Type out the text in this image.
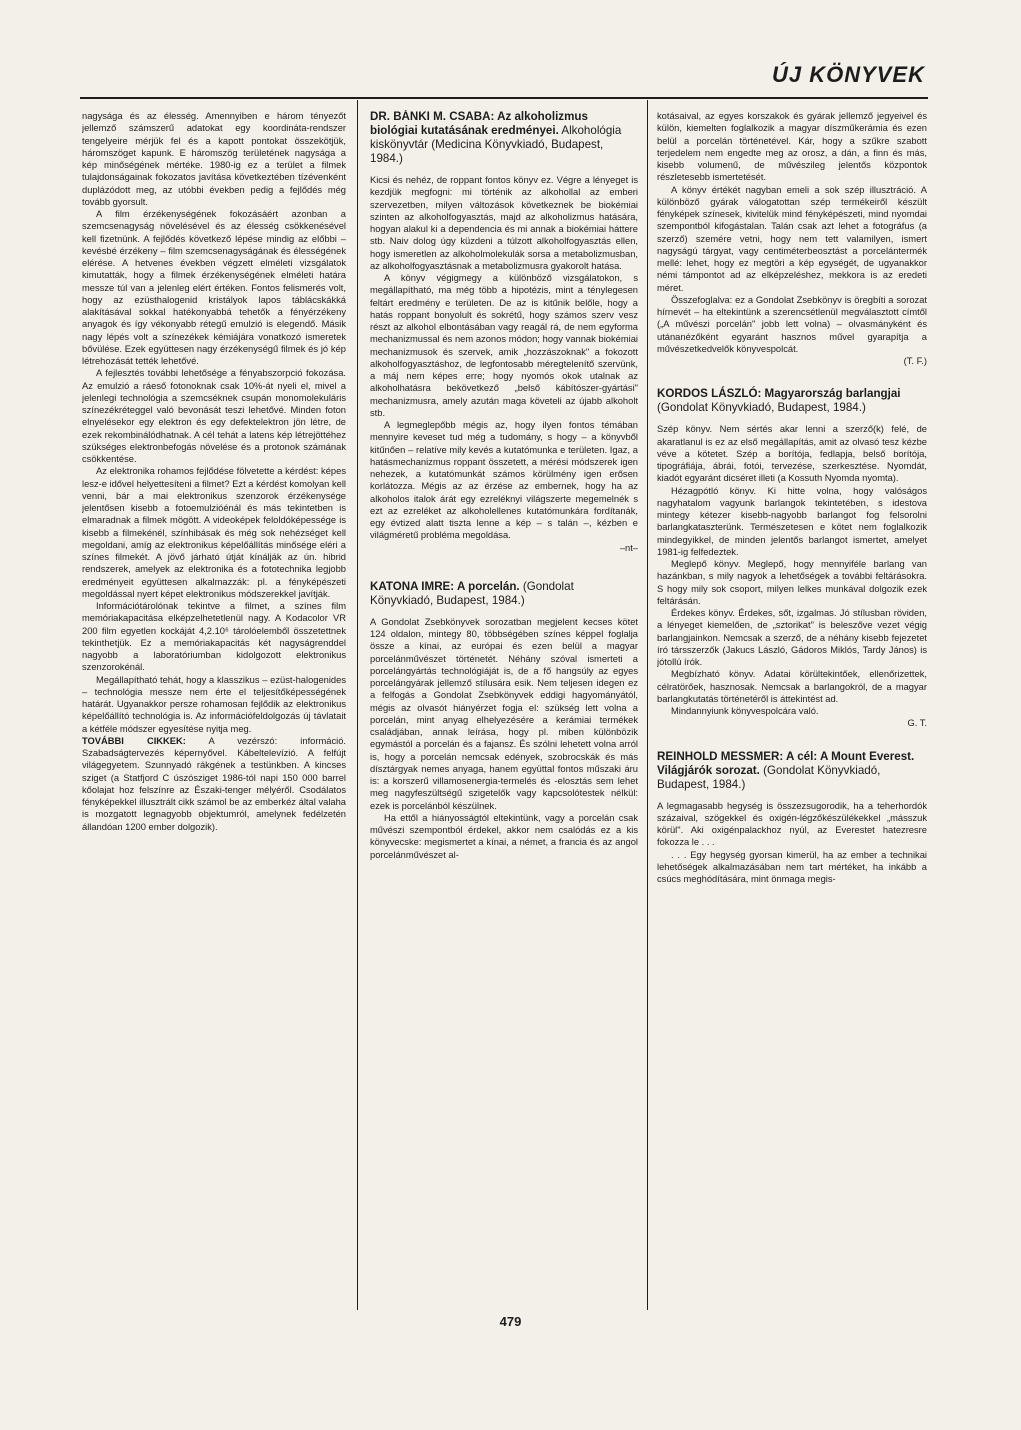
ÚJ KÖNYVEK

nagysága és az élesség. Amennyiben e három tényezőt jellemző számszerű adatokat egy koordináta-rendszer tengelyeire mérjük fel és a kapott pontokat összekötjük, háromszöget kapunk. E háromszög területének nagysága a kép minőségének mértéke. 1980-ig ez a terület a filmek tulajdonságainak fokozatos javítása következtében tízévenként duplázódott meg, az utóbbi években pedig a fejlődés még tovább gyorsult.

A film érzékenységének fokozásáért azonban a szemcsenagyság növelésével és az élesség csökkenésével kell fizetnünk. A fejlődés következő lépése mindig az előbbi – kevésbé érzékeny – film szemcsenagyságának és élességének elérése. A hetvenes években végzett elméleti vizsgálatok kimutatták, hogy a filmek érzékenységének elméleti határa messze túl van a jelenleg elért értéken. Fontos felismerés volt, hogy az ezüsthalogenid kristályok lapos táblácskákká alakításával sokkal hatékonyabbá tehetők a fényérzékeny anyagok és így vékonyabb rétegű emulzió is elegendő. Másik nagy lépés volt a színezékek kémiájára vonatkozó ismeretek bővülése. Ezek együttesen nagy érzékenységű filmek és jó kép létrehozását tették lehetővé.

A fejlesztés további lehetősége a fényabszorpció fokozása. Az emulzió a ráeső fotonoknak csak 10%-át nyeli el, mivel a jelenlegi technológia a szemcséknek csupán monomolekuláris színezékréteggel való bevonását teszi lehetővé. Minden foton elnyelésekor egy elektron és egy defektelektron jön létre, de ezek rekombinálódhatnak. A cél tehát a latens kép létrejöttéhez szükséges elektronbefogás növelése és a protonok számának csökkentése.

Az elektronika rohamos fejlődése fölvetette a kérdést: képes lesz-e idővel helyettesíteni a filmet? Ezt a kérdést komolyan kell venni, bár a mai elektronikus szenzorok érzékenysége jelentősen kisebb a fotoemulzióénál és más tekintetben is elmaradnak a filmek mögött. A videoképek feloldóképessége is kisebb a filmekénél, színhibásak és még sok nehézséget kell megoldani, amíg az elektronikus képelőállítás minősége eléri a színes filmekét. A jövő járható útját kínálják az ún. hibrid rendszerek, amelyek az elektronika és a fototechnika legjobb eredményeit együttesen alkalmazzák: pl. a fényképészeti megoldással nyert képet elektronikus módszerekkel javítják.

Információtárolónak tekintve a filmet, a színes film memóriakapacitása elképzelhetetlenül nagy. A Kodacolor VR 200 film egyetlen kockáját 4,2.10⁶ tárolóelemből összetettnek tekinthetjük. Ez a memóriakapacitás két nagyságrenddel nagyobb a laboratóriumban kidolgozott elektronikus szenzorokénál.

Megállapítható tehát, hogy a klasszikus – ezüst-halogenides – technológia messze nem érte el teljesítőképességének határát. Ugyanakkor persze rohamosan fejlődik az elektronikus képelőállító technológia is. Az információfeldolgozás új távlatait a kétféle módszer egyesítése nyitja meg.

TOVÁBBI CIKKEK: A vezérszó: információ. Szabadságtervezés képernyővel. Kábeltelevízió. A felfújt világegyetem. Szunnyadó rákgének a testünkben. A kincses sziget (a Statfjord C úszósziget 1986-tól napi 150 000 barrel kőolajat hoz felszínre az Északi-tenger mélyéről. Csodálatos fényképekkel illusztrált cikk számol be az emberkéz által valaha is mozgatott legnagyobb objektumról, amelynek fedélzetén állandóan 1200 ember dolgozik).

DR. BÁNKI M. CSABA: Az alkoholizmus biológiai kutatásának eredményei. Alkohológia kiskönyvtár (Medicina Könyvkiadó, Budapest, 1984.)

Kicsi és nehéz, de roppant fontos könyv ez. Végre a lényeget is kezdjük megfogni: mi történik az alkohollal az emberi szervezetben, milyen változások következnek be biokémiai szinten az alkoholfogyasztás, majd az alkoholizmus hatására, hogyan alakul ki a dependencia és mi annak a biokémiai háttere stb. Naiv dolog úgy küzdeni a túlzott alkoholfogyasztás ellen, hogy ismeretlen az alkoholmolekulák sorsa a metabolizmusban, az alkoholfogyasztásnak a metabolizmusra gyakorolt hatása.

A könyv végigmegy a különböző vizsgálatokon, s megállapítható, ma még több a hipotézis, mint a ténylegesen feltárt eredmény e területen. De az is kitűnik belőle, hogy a hatás roppant bonyolult és sokrétű, hogy számos szerv vesz részt az alkohol elbontásában vagy reagál rá, de nem egyforma mechanizmussal és nem azonos módon; hogy vannak biokémiai mechanizmusok és szervek, amik „hozzászoknak" a fokozott alkoholfogyasztáshoz, de legfontosabb méregtelenítő szervünk, a máj nem képes erre; hogy nyomós okok utalnak az alkoholhatásra bekövetkező „belső kábítószer-gyártási" mechanizmusra, amely azután maga követeli az újabb alkoholt stb.

A legmeglepőbb mégis az, hogy ilyen fontos témában mennyire keveset tud még a tudomány, s hogy – a könyvből kitűnően – relatíve mily kevés a kutatómunka e területen. Igaz, a hatásmechanizmus roppant összetett, a mérési módszerek igen nehezek, a kutatómunkát számos körülmény igen erősen korlátozza. Mégis az az érzése az embernek, hogy ha az alkoholos italok árát egy ezreléknyi világszerte megemelnék s ezt az ezreléket az alkoholellenes kutatómunkára fordítanák, egy évtized alatt tiszta lenne a kép – s talán –, kézben e világméretű probléma megoldása.

–nt–

KATONA IMRE: A porcelán. (Gondolat Könyvkiadó, Budapest, 1984.)

A Gondolat Zsebkönyvek sorozatban megjelent kecses kötet 124 oldalon, mintegy 80, többségében színes képpel foglalja össze a kínai, az európai és ezen belül a magyar porcelánművészet történetét. Néhány szóval ismerteti a porcelángyártás technológiáját is, de a fő hangsúly az egyes porcelángyárak jellemző stílusára esik. Nem teljesen idegen ez a felfogás a Gondolat Zsebkönyvek eddigi hagyományától, mégis az olvasót hiányérzet fogja el: szükség lett volna a porcelán, mint anyag elhelyezésére a kerámiai termékek családjában, annak leírása, hogy pl. miben különbözik egymástól a porcelán és a fajansz. És szólni lehetett volna arról is, hogy a porcelán nemcsak edények, szobrocskák és más dísztárgyak nemes anyaga, hanem együttal fontos műszaki áru is: a korszerű villamosenergia-termelés és -elosztás sem lehet meg nagyfeszültségű szigetelők vagy kapcsolótestek nélkül: ezek is porcelánból készülnek.

Ha ettől a hiányosságtól eltekintünk, vagy a porcelán csak művészi szempontból érdekel, akkor nem csalódás ez a kis könyvecske: megismertet a kínai, a német, a francia és az angol porcelánművészet al-

kotásaival, az egyes korszakok és gyárak jellemző jegyeivel és külön, kiemelten foglalkozik a magyar díszműkerámia és ezen belül a porcelán történetével. Kár, hogy a szűkre szabott terjedelem nem engedte meg az orosz, a dán, a finn és más, kisebb volumenű, de művészileg jelentős központok részletesebb ismertetését.

A könyv értékét nagyban emeli a sok szép illusztráció. A különböző gyárak válogatottan szép termékeiről készült fényképek színesek, kivitelük mind fényképészeti, mind nyomdai szempontból kifogástalan. Talán csak azt lehet a fotográfus (a szerző) szemére vetni, hogy nem tett valamilyen, ismert nagyságú tárgyat, vagy centiméterbeosztást a porcelántermék mellé: lehet, hogy ez megtöri a kép egységét, de ugyanakkor némi támpontot ad az elképzeléshez, mekkora is az eredeti méret.

Összefoglalva: ez a Gondolat Zsebkönyv is öregbíti a sorozat hírnevét – ha eltekintünk a szerencsétlenül megválasztott címtől („A művészi porcelán" jobb lett volna) – olvasmányként és utánanézőként egyaránt hasznos művel gyarapítja a művészetkedvelők könyvespolcát.

(T. F.)

KORDOS LÁSZLÓ: Magyarország barlangjai (Gondolat Könyvkiadó, Budapest, 1984.)

Szép könyv. Nem sértés akar lenni a szerző(k) felé, de akaratlanul is ez az első megállapítás, amit az olvasó tesz kézbe véve a kötetet. Szép a borítója, fedlapja, belső borítója, tipográfiája, ábrái, fotói, tervezése, szerkesztése. Nyomdát, kiadót egyaránt dicséret illeti (a Kossuth Nyomda nyomta).

Hézagpótló könyv. Ki hitte volna, hogy valóságos nagyhatalom vagyunk barlangok tekintetében, s idestova mintegy kétezer kisebb-nagyobb barlangot fog felsorolni barlangkataszterünk. Természetesen e kötet nem foglalkozik mindegyikkel, de minden jelentős barlangot ismertet, amelyet 1981-ig felfedeztek.

Meglepő könyv. Meglepő, hogy mennyiféle barlang van hazánkban, s mily nagyok a lehetőségek a további feltárásokra. S hogy mily sok csoport, milyen lelkes munkával dolgozik ezek feltárásán.

Érdekes könyv. Érdekes, sőt, izgalmas. Jó stílusban röviden, a lényeget kiemelően, de „sztorikat" is beleszőve vezet végig barlangjainkon. Nemcsak a szerző, de a néhány kisebb fejezetet író társszerzők (Jakucs László, Gádoros Miklós, Tardy János) is jótollú írók.

Megbízható könyv. Adatai körültekintőek, ellenőrizettek, célratörőek, hasznosak. Nemcsak a barlangokról, de a magyar barlangkutatás történetéről is áttekintést ad.

Mindannyiunk könyvespolcára való.

G. T.

REINHOLD MESSMER: A cél: A Mount Everest. Világjárók sorozat. (Gondolat Könyvkiadó, Budapest, 1984.)

A legmagasabb hegység is összezsugorodik, ha a teherhordók százaival, szögekkel és oxigén-légzőkészülékekkel „másszuk körül". Aki oxigénpalackhoz nyúl, az Everestet hatezresre fokozza le . . .

. . . Egy hegység gyorsan kimerül, ha az ember a technikai lehetőségek alkalmazásában nem tart mértéket, ha inkább a csúcs meghódítására, mint önmaga megis-

479
